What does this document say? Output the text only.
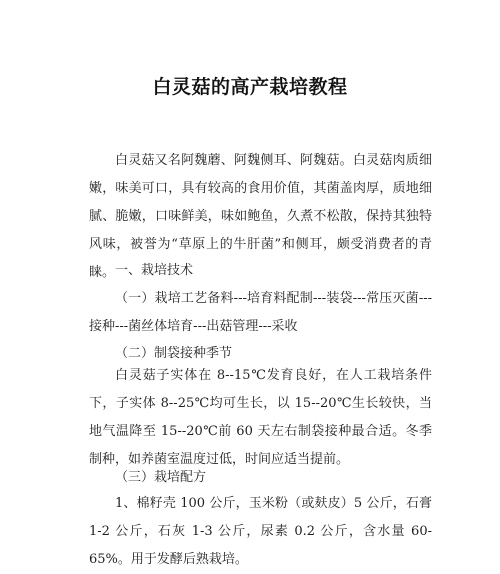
白灵菇的高产栽培教程

白灵菇又名阿魏蘑、阿魏侧耳、阿魏菇。白灵菇肉质细嫩，味美可口，具有较高的食用价值，其菌盖肉厚，质地细腻、脆嫩，口味鲜美，味如鲍鱼，久煮不松散，保持其独特风味，被誉为“草原上的牛肝菌”和侧耳，颇受消费者的青睐。 一、栽培技术

（一）栽培工艺备料---培育料配制---装袋---常压灭菌---接种---菌丝体培育---出菇管理---采收

（二）制袋接种季节

白灵菇子实体在 8--15℃发育良好，在人工栽培条件下，子实体 8--25℃均可生长，以 15--20℃生长较快，当地气温降至 15--20℃前 60 天左右制袋接种最合适。冬季制种，如养菌室温度过低，时间应适当提前。

（三）栽培配方

1、棉籽壳 100 公斤，玉米粉（或麸皮）5 公斤，石膏 1-2 公斤，石灰 1-3 公斤，尿素 0.2 公斤，含水量 60-65%。用于发酵后熟栽培。
